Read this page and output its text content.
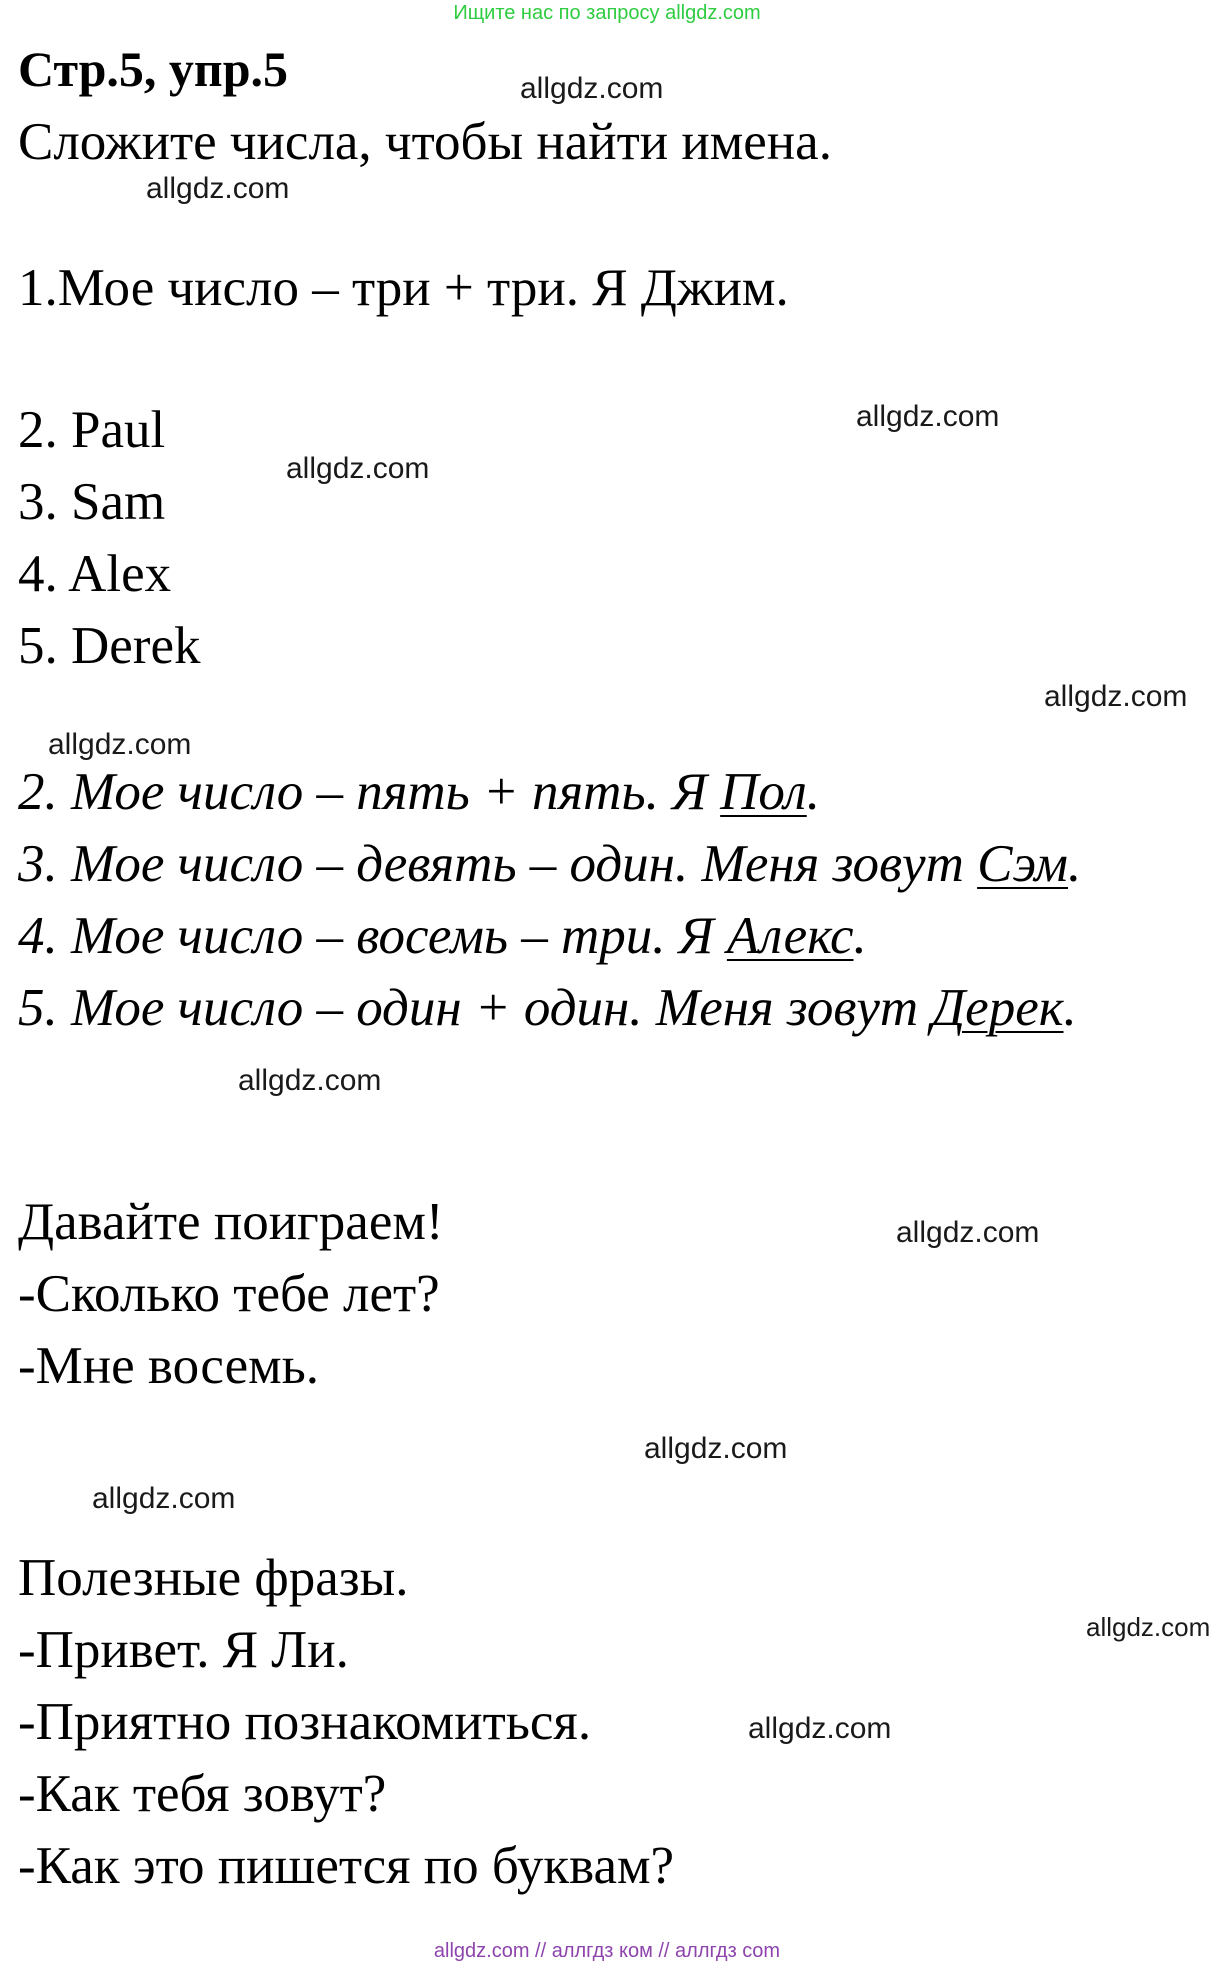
Ищите нас по запросу allgdz.com
Стр.5, упр.5
Сложите числа, чтобы найти имена.
1.Мое число – три + три. Я Джим.
2. Paul
3. Sam
4. Alex
5. Derek
2. Мое число – пять + пять. Я Пол.
3. Мое число – девять – один. Меня зовут Сэм.
4. Мое число – восемь – три. Я Алекс.
5. Мое число – один + один. Меня зовут Дерек.
Давайте поиграем!
-Сколько тебе лет?
-Мне восемь.
Полезные фразы.
-Привет. Я Ли.
-Приятно познакомиться.
-Как тебя зовут?
-Как это пишется по буквам?
allgdz.com
allgdz.com
allgdz.com
allgdz.com
allgdz.com
allgdz.com
allgdz.com
allgdz.com
allgdz.com
allgdz.com
allgdz.com
allgdz.com
allgdz.com // аллгдз ком // аллгдз com
